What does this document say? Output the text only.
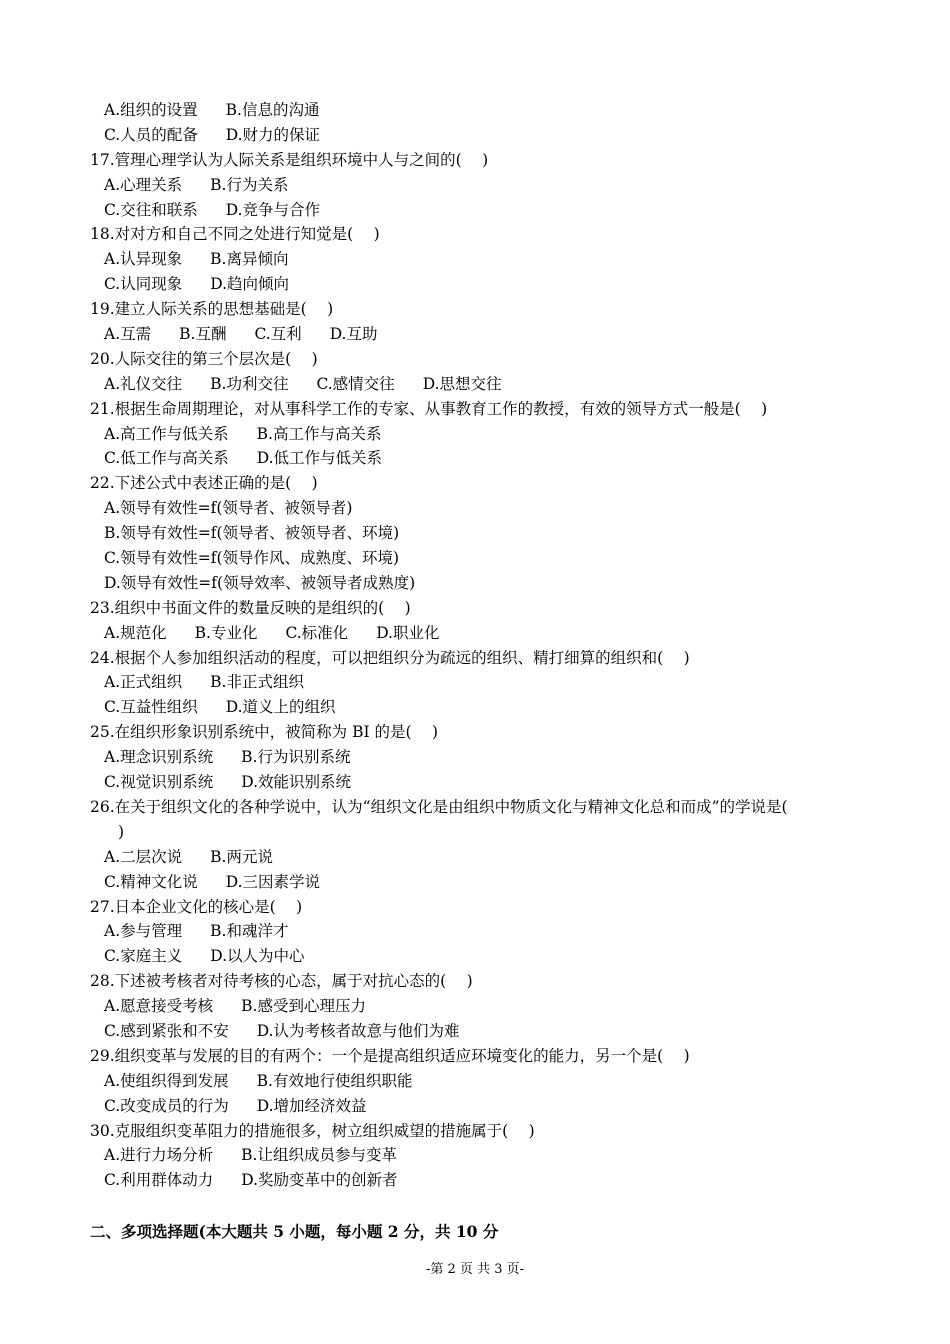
A.组织的设置 B.信息的沟通
C.人员的配备 D.财力的保证
17.管理心理学认为人际关系是组织环境中人与之间的(　 )
A.心理关系 B.行为关系
C.交往和联系 D.竞争与合作
18.对对方和自己不同之处进行知觉是(　 )
A.认异现象 B.离异倾向
C.认同现象 D.趋向倾向
19.建立人际关系的思想基础是(　 )
A.互需 B.互酬 C.互利 D.互助
20.人际交往的第三个层次是(　 )
A.礼仪交往 B.功利交往 C.感情交往 D.思想交往
21.根据生命周期理论，对从事科学工作的专家、从事教育工作的教授，有效的领导方式一般是(　 )
A.高工作与低关系 B.高工作与高关系
C.低工作与高关系 D.低工作与低关系
22.下述公式中表述正确的是(　 )
A.领导有效性=f(领导者、被领导者)
B.领导有效性=f(领导者、被领导者、环境)
C.领导有效性=f(领导作风、成熟度、环境)
D.领导有效性=f(领导效率、被领导者成熟度)
23.组织中书面文件的数量反映的是组织的(　 )
A.规范化 B.专业化 C.标准化 D.职业化
24.根据个人参加组织活动的程度，可以把组织分为疏远的组织、精打细算的组织和(　 )
A.正式组织 B.非正式组织
C.互益性组织 D.道义上的组织
25.在组织形象识别系统中，被简称为 BI 的是(　 )
A.理念识别系统 B.行为识别系统
C.视觉识别系统 D.效能识别系统
26.在关于组织文化的各种学说中，认为“组织文化是由组织中物质文化与精神文化总和而成”的学说是(
)
A.二层次说 B.两元说
C.精神文化说 D.三因素学说
27.日本企业文化的核心是(　 )
A.参与管理 B.和魂洋才
C.家庭主义 D.以人为中心
28.下述被考核者对待考核的心态，属于对抗心态的(　 )
A.愿意接受考核 B.感受到心理压力
C.感到紧张和不安 D.认为考核者故意与他们为难
29.组织变革与发展的目的有两个：一个是提高组织适应环境变化的能力，另一个是(　 )
A.使组织得到发展 B.有效地行使组织职能
C.改变成员的行为 D.增加经济效益
30.克服组织变革阻力的措施很多，树立组织威望的措施属于(　 )
A.进行力场分析 B.让组织成员参与变革
C.利用群体动力 D.奖励变革中的创新者
二、多项选择题(本大题共 5 小题，每小题 2 分，共 10 分
-第 2 页 共 3 页-
